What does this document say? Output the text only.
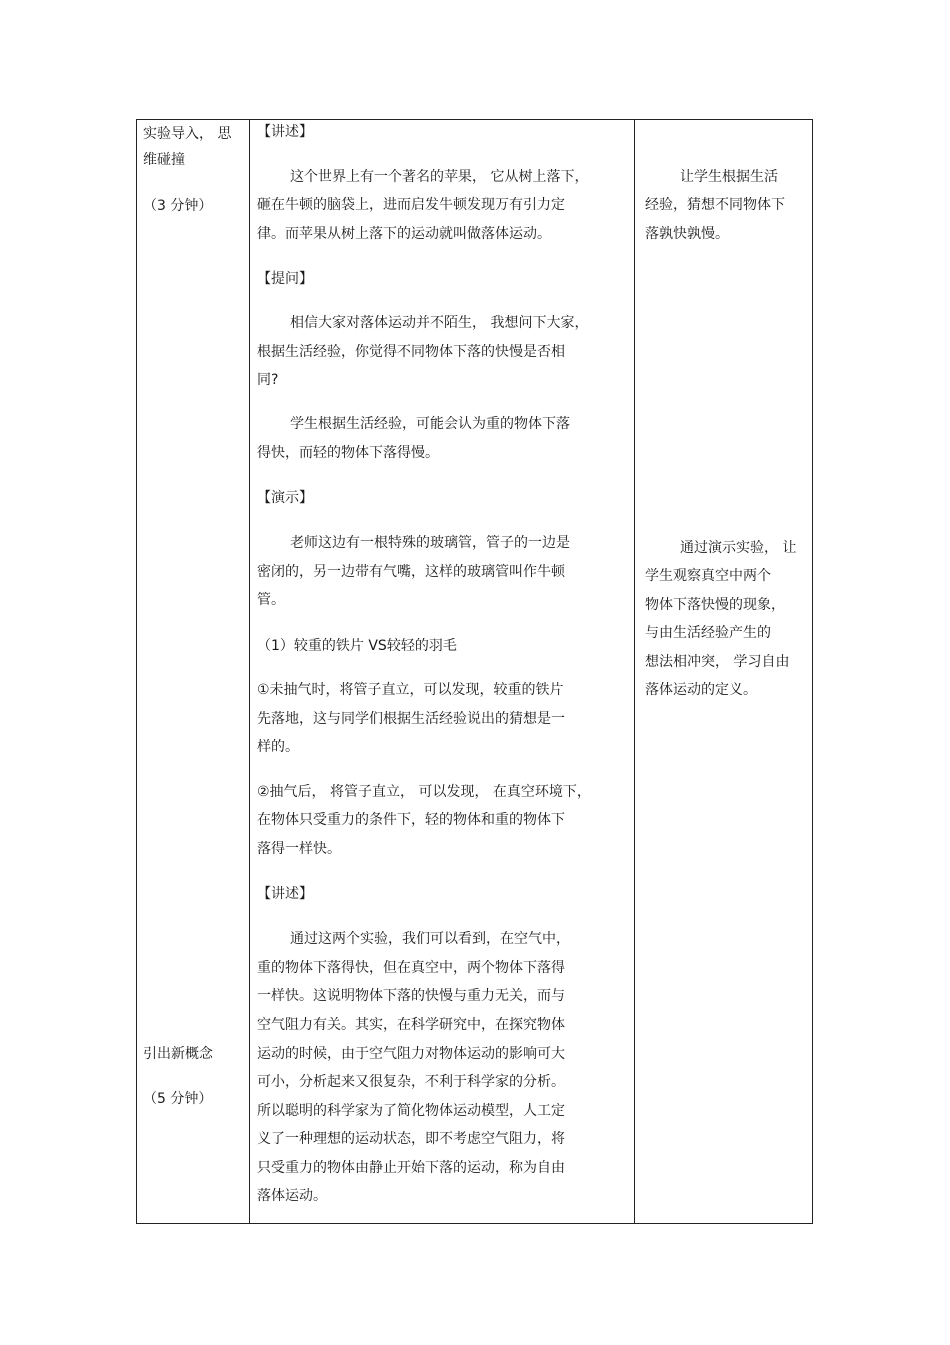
实验导入， 思
维碰撞
（3 分钟）
引出新概念
（5 分钟）
【讲述】
这个世界上有一个著名的苹果， 它从树上落下，
砸在牛顿的脑袋上，进而启发牛顿发现万有引力定
律。而苹果从树上落下的运动就叫做落体运动。
【提问】
相信大家对落体运动并不陌生， 我想问下大家，
根据生活经验，你觉得不同物体下落的快慢是否相
同?
学生根据生活经验，可能会认为重的物体下落
得快，而轻的物体下落得慢。
【演示】
老师这边有一根特殊的玻璃管，管子的一边是
密闭的，另一边带有气嘴，这样的玻璃管叫作牛顿
管。
（1）较重的铁片 VS较轻的羽毛
①未抽气时，将管子直立，可以发现，较重的铁片
先落地，这与同学们根据生活经验说出的猜想是一
样的。
②抽气后， 将管子直立， 可以发现， 在真空环境下，
在物体只受重力的条件下，轻的物体和重的物体下
落得一样快。
【讲述】
通过这两个实验，我们可以看到，在空气中，
重的物体下落得快，但在真空中，两个物体下落得
一样快。这说明物体下落的快慢与重力无关，而与
空气阻力有关。其实，在科学研究中，在探究物体
运动的时候，由于空气阻力对物体运动的影响可大
可小，分析起来又很复杂，不利于科学家的分析。
所以聪明的科学家为了简化物体运动模型，人工定
义了一种理想的运动状态，即不考虑空气阻力，将
只受重力的物体由静止开始下落的运动，称为自由
落体运动。
让学生根据生活
经验，猜想不同物体下
落孰快孰慢。
通过演示实验， 让
学生观察真空中两个
物体下落快慢的现象，
与由生活经验产生的
想法相冲突， 学习自由
落体运动的定义。
